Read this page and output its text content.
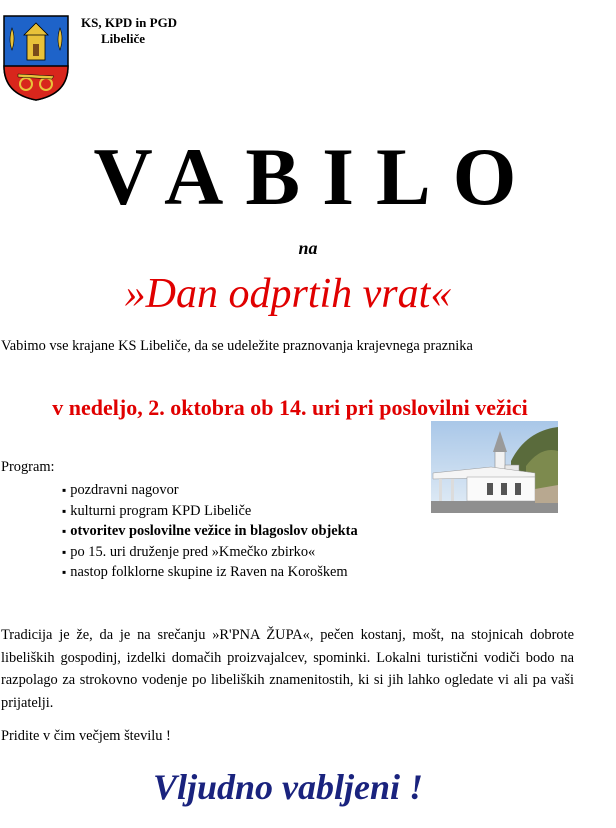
KS, KPD in PGD
Libeliče
VABILO
na
»Dan odprtih vrat«
Vabimo vse krajane KS Libeliče, da se udeležite praznovanja krajevnega praznika
v nedeljo, 2. oktobra ob 14. uri pri poslovilni vežici
Program:
▪ pozdravni nagovor
▪ kulturni program KPD Libeliče
▪ otvoritev poslovilne vežice in blagoslov objekta
▪ po 15. uri druženje pred »Kmečko zbirko«
▪ nastop folklorne skupine iz Raven na Koroškem

Tradicija je že, da je na srečanju »R'PNA ŽUPA«, pečen kostanj, mošt, na stojnicah dobrote libeliških gospodinj, izdelki domačih proizvajalcev, spominki. Lokalni turistični vodiči bodo na razpolago za strokovno vodenje po libeliških znamenitostih, ki si jih lahko ogledate vi ali pa vaši prijatelji.

Pridite v čim večjem številu !
Vljudno vabljeni !
